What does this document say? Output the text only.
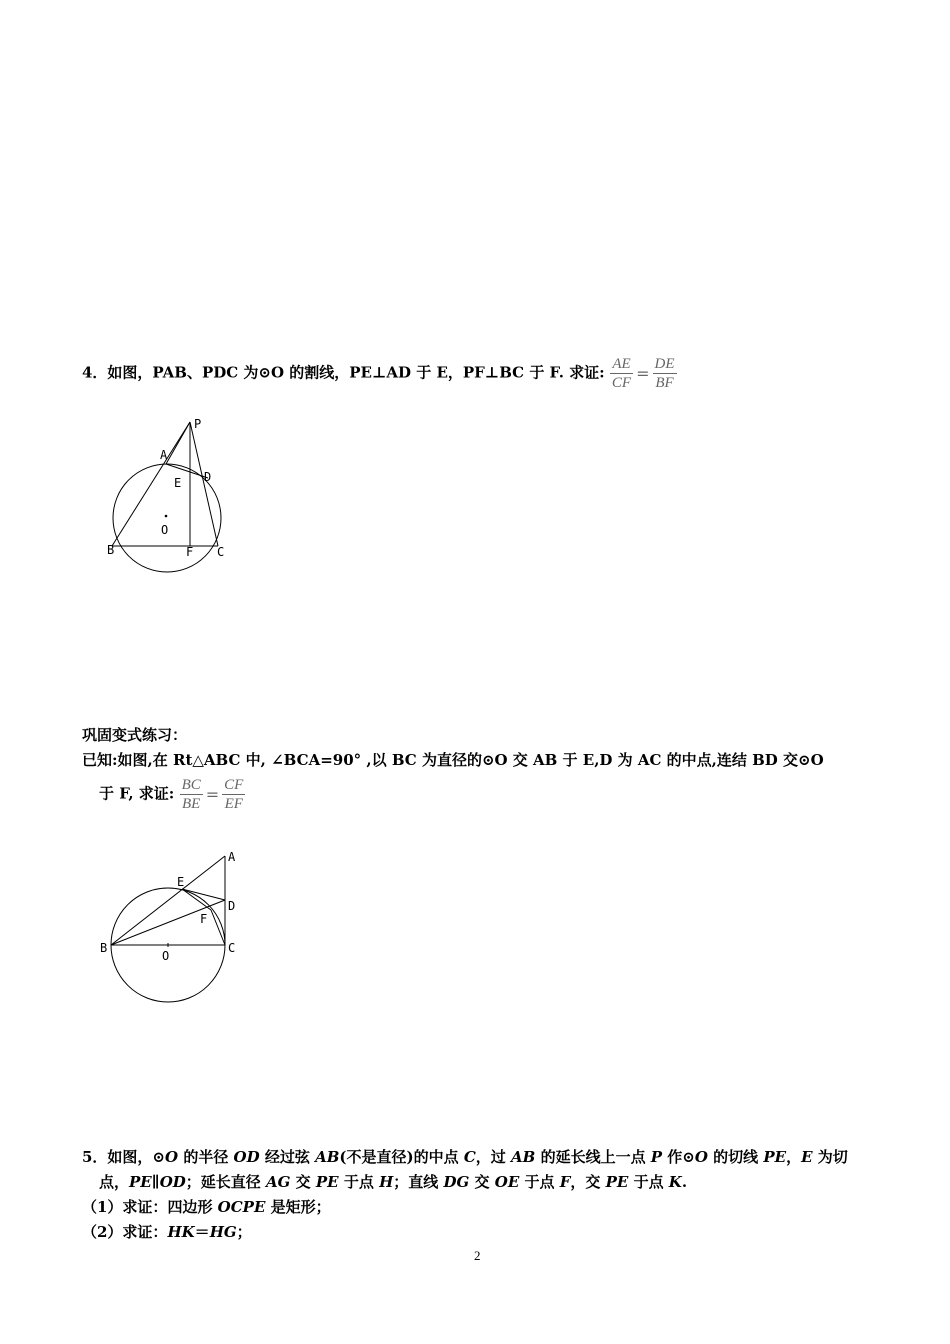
4．如图，PAB、PDC 为⊙O 的割线，PE⊥AD 于 E，PF⊥BC 于 F. 求证: $\frac{AE}{CF} = \frac{DE}{BF}$
P
A
E D
O
B	F C
巩固变式练习：
已知:如图,在 Rt△ABC 中, ∠BCA=90° ,以 BC 为直径的⊙O 交 AB 于 E,D 为 AC 的中点,连结 BD 交⊙O
于 F, 求证: $\frac{BC}{BE} = \frac{CF}{EF}$
A
E
D
F
B
O
C
5．如图，⊙O 的半径 OD 经过弦 AB(不是直径)的中点 C，过 AB 的延长线上一点 P 作⊙O 的切线 PE，E 为切
点，PE∥OD；延长直径 AG 交 PE 于点 H；直线 DG 交 OE 于点 F，交 PE 于点 K.
（1）求证：四边形 OCPE 是矩形；
（2）求证：HK＝HG；
2
